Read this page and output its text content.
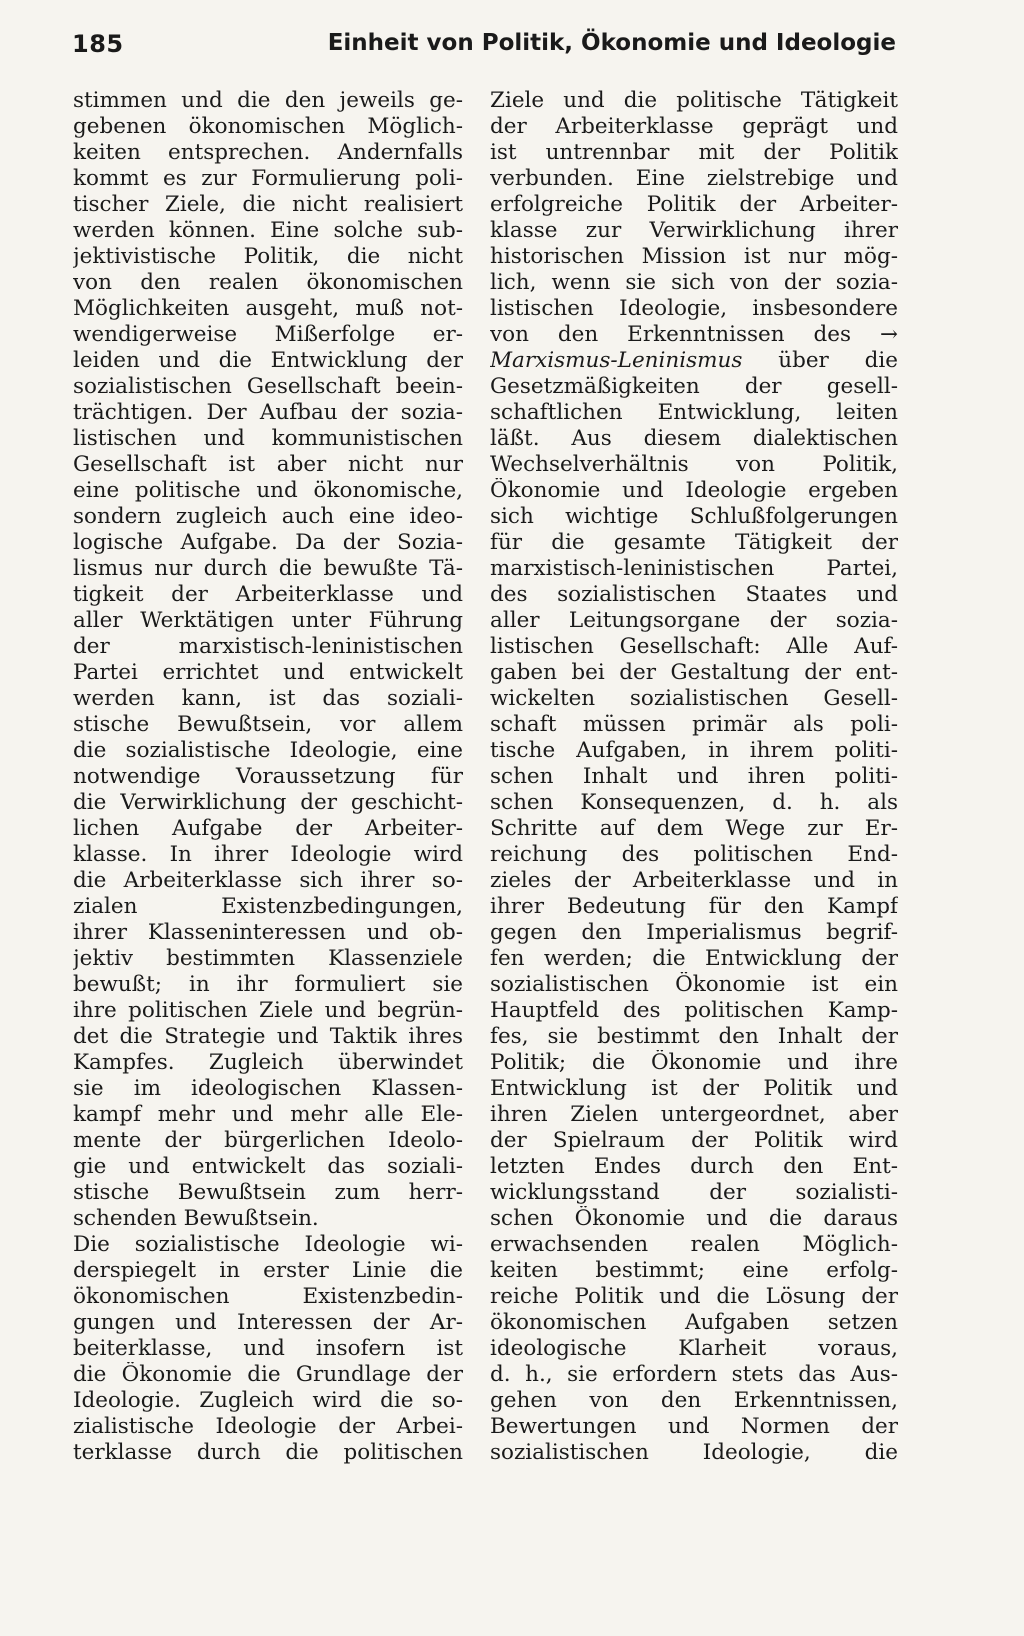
185	Einheit von Politik, Ökonomie und Ideologie
stimmen und die den jeweils ge-
gebenen ökonomischen Möglich-
keiten entsprechen. Andernfalls
kommt es zur Formulierung poli-
tischer Ziele, die nicht realisiert
werden können. Eine solche sub-
jektivistische Politik, die nicht
von den realen ökonomischen
Möglichkeiten ausgeht, muß not-
wendigerweise Mißerfolge er-
leiden und die Entwicklung der
sozialistischen Gesellschaft beein-
trächtigen. Der Aufbau der sozia-
listischen und kommunistischen
Gesellschaft ist aber nicht nur
eine politische und ökonomische,
sondern zugleich auch eine ideo-
logische Aufgabe. Da der Sozia-
lismus nur durch die bewußte Tä-
tigkeit der Arbeiterklasse und
aller Werktätigen unter Führung
der marxistisch-leninistischen
Partei errichtet und entwickelt
werden kann, ist das soziali-
stische Bewußtsein, vor allem
die sozialistische Ideologie, eine
notwendige Voraussetzung für
die Verwirklichung der geschicht-
lichen Aufgabe der Arbeiter-
klasse. In ihrer Ideologie wird
die Arbeiterklasse sich ihrer so-
zialen Existenzbedingungen,
ihrer Klasseninteressen und ob-
jektiv bestimmten Klassenziele
bewußt; in ihr formuliert sie
ihre politischen Ziele und begrün-
det die Strategie und Taktik ihres
Kampfes. Zugleich überwindet
sie im ideologischen Klassen-
kampf mehr und mehr alle Ele-
mente der bürgerlichen Ideolo-
gie und entwickelt das soziali-
stische Bewußtsein zum herr-
schenden Bewußtsein.
Die sozialistische Ideologie wi-
derspiegelt in erster Linie die
ökonomischen Existenzbedin-
gungen und Interessen der Ar-
beiterklasse, und insofern ist
die Ökonomie die Grundlage der
Ideologie. Zugleich wird die so-
zialistische Ideologie der Arbei-
terklasse durch die politischen
Ziele und die politische Tätigkeit
der Arbeiterklasse geprägt und
ist untrennbar mit der Politik
verbunden. Eine zielstrebige und
erfolgreiche Politik der Arbeiter-
klasse zur Verwirklichung ihrer
historischen Mission ist nur mög-
lich, wenn sie sich von der sozia-
listischen Ideologie, insbesondere
von den Erkenntnissen des →
Marxismus-Leninismus über die
Gesetzmäßigkeiten der gesell-
schaftlichen Entwicklung, leiten
läßt. Aus diesem dialektischen
Wechselverhältnis von Politik,
Ökonomie und Ideologie ergeben
sich wichtige Schlußfolgerungen
für die gesamte Tätigkeit der
marxistisch-leninistischen Partei,
des sozialistischen Staates und
aller Leitungsorgane der sozia-
listischen Gesellschaft: Alle Auf-
gaben bei der Gestaltung der ent-
wickelten sozialistischen Gesell-
schaft müssen primär als poli-
tische Aufgaben, in ihrem politi-
schen Inhalt und ihren politi-
schen Konsequenzen, d. h. als
Schritte auf dem Wege zur Er-
reichung des politischen End-
zieles der Arbeiterklasse und in
ihrer Bedeutung für den Kampf
gegen den Imperialismus begrif-
fen werden; die Entwicklung der
sozialistischen Ökonomie ist ein
Hauptfeld des politischen Kamp-
fes, sie bestimmt den Inhalt der
Politik; die Ökonomie und ihre
Entwicklung ist der Politik und
ihren Zielen untergeordnet, aber
der Spielraum der Politik wird
letzten Endes durch den Ent-
wicklungsstand der sozialisti-
schen Ökonomie und die daraus
erwachsenden realen Möglich-
keiten bestimmt; eine erfolg-
reiche Politik und die Lösung der
ökonomischen Aufgaben setzen
ideologische Klarheit voraus,
d. h., sie erfordern stets das Aus-
gehen von den Erkenntnissen,
Bewertungen und Normen der
sozialistischen Ideologie, die
